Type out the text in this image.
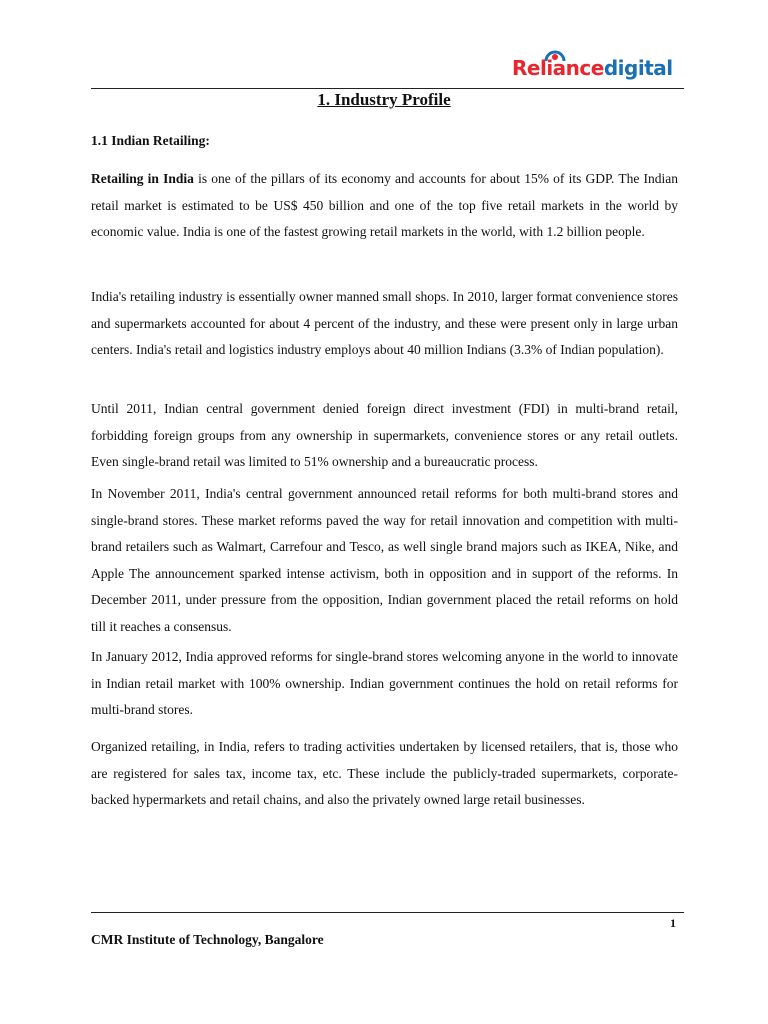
Reliancedigital
1. Industry Profile
1.1 Indian Retailing:

Retailing in India is one of the pillars of its economy and accounts for about 15% of its GDP. The Indian retail market is estimated to be US$ 450 billion and one of the top five retail markets in the world by economic value. India is one of the fastest growing retail markets in the world, with 1.2 billion people.

India's retailing industry is essentially owner manned small shops. In 2010, larger format convenience stores and supermarkets accounted for about 4 percent of the industry, and these were present only in large urban centers. India's retail and logistics industry employs about 40 million Indians (3.3% of Indian population).

Until 2011, Indian central government denied foreign direct investment (FDI) in multi-brand retail, forbidding foreign groups from any ownership in supermarkets, convenience stores or any retail outlets. Even single-brand retail was limited to 51% ownership and a bureaucratic process.

In November 2011, India's central government announced retail reforms for both multi-brand stores and single-brand stores. These market reforms paved the way for retail innovation and competition with multi-brand retailers such as Walmart, Carrefour and Tesco, as well single brand majors such as IKEA, Nike, and Apple The announcement sparked intense activism, both in opposition and in support of the reforms. In December 2011, under pressure from the opposition, Indian government placed the retail reforms on hold till it reaches a consensus.

In January 2012, India approved reforms for single-brand stores welcoming anyone in the world to innovate in Indian retail market with 100% ownership. Indian government continues the hold on retail reforms for multi-brand stores.

Organized retailing, in India, refers to trading activities undertaken by licensed retailers, that is, those who are registered for sales tax, income tax, etc. These include the publicly-traded supermarkets, corporate-backed hypermarkets and retail chains, and also the privately owned large retail businesses.

1
CMR Institute of Technology, Bangalore
